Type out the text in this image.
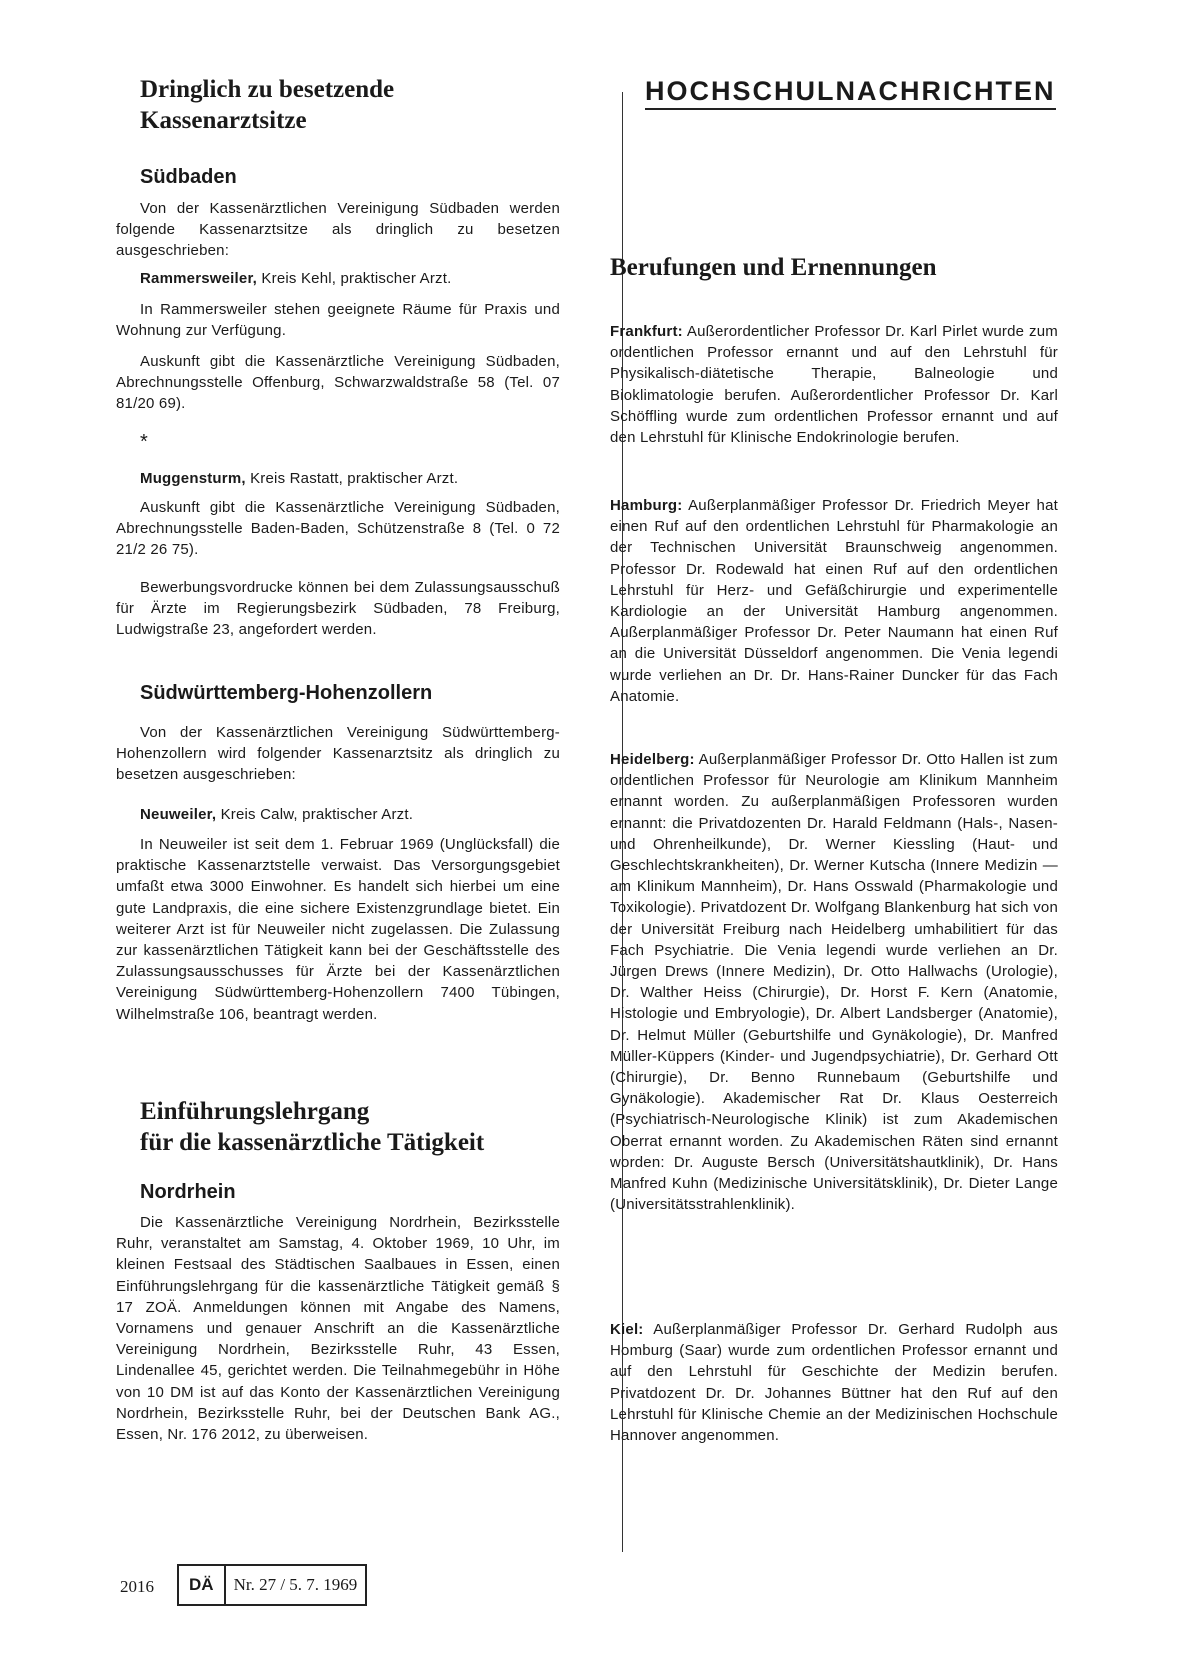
Dringlich zu besetzende
Kassenarztsitze
Südbaden

Von der Kassenärztlichen Vereinigung Südbaden werden folgende Kassenarztsitze als dringlich zu besetzen ausgeschrieben:

Rammersweiler, Kreis Kehl, praktischer Arzt.

In Rammersweiler stehen geeignete Räume für Praxis und Wohnung zur Verfügung.

Auskunft gibt die Kassenärztliche Vereinigung Südbaden, Abrechnungsstelle Offenburg, Schwarzwaldstraße 58 (Tel. 07 81/20 69).

*

Muggensturm, Kreis Rastatt, praktischer Arzt.

Auskunft gibt die Kassenärztliche Vereinigung Südbaden, Abrechnungsstelle Baden-Baden, Schützenstraße 8 (Tel. 0 72 21/2 26 75).

Bewerbungsvordrucke können bei dem Zulassungsausschuß für Ärzte im Regierungsbezirk Südbaden, 78 Freiburg, Ludwigstraße 23, angefordert werden.

Südwürttemberg-Hohenzollern

Von der Kassenärztlichen Vereinigung Südwürttemberg-Hohenzollern wird folgender Kassenarztsitz als dringlich zu besetzen ausgeschrieben:

Neuweiler, Kreis Calw, praktischer Arzt.

In Neuweiler ist seit dem 1. Februar 1969 (Unglücksfall) die praktische Kassenarztstelle verwaist. Das Versorgungsgebiet umfaßt etwa 3000 Einwohner. Es handelt sich hierbei um eine gute Landpraxis, die eine sichere Existenzgrundlage bietet. Ein weiterer Arzt ist für Neuweiler nicht zugelassen. Die Zulassung zur kassenärztlichen Tätigkeit kann bei der Geschäftsstelle des Zulassungsausschusses für Ärzte bei der Kassenärztlichen Vereinigung Südwürttemberg-Hohenzollern 7400 Tübingen, Wilhelmstraße 106, beantragt werden.

Einführungslehrgang
für die kassenärztliche Tätigkeit
Nordrhein

Die Kassenärztliche Vereinigung Nordrhein, Bezirksstelle Ruhr, veranstaltet am Samstag, 4. Oktober 1969, 10 Uhr, im kleinen Festsaal des Städtischen Saalbaues in Essen, einen Einführungslehrgang für die kassenärztliche Tätigkeit gemäß § 17 ZOÄ. Anmeldungen können mit Angabe des Namens, Vornamens und genauer Anschrift an die Kassenärztliche Vereinigung Nordrhein, Bezirksstelle Ruhr, 43 Essen, Lindenallee 45, gerichtet werden. Die Teilnahmegebühr in Höhe von 10 DM ist auf das Konto der Kassenärztlichen Vereinigung Nordrhein, Bezirksstelle Ruhr, bei der Deutschen Bank AG., Essen, Nr. 176 2012, zu überweisen.

HOCHSCHULNACHRICHTEN
Berufungen und Ernennungen

Frankfurt: Außerordentlicher Professor Dr. Karl Pirlet wurde zum ordentlichen Professor ernannt und auf den Lehrstuhl für Physikalisch-diätetische Therapie, Balneologie und Bioklimatologie berufen. Außerordentlicher Professor Dr. Karl Schöffling wurde zum ordentlichen Professor ernannt und auf den Lehrstuhl für Klinische Endokrinologie berufen.

Hamburg: Außerplanmäßiger Professor Dr. Friedrich Meyer hat einen Ruf auf den ordentlichen Lehrstuhl für Pharmakologie an der Technischen Universität Braunschweig angenommen. Professor Dr. Rodewald hat einen Ruf auf den ordentlichen Lehrstuhl für Herz- und Gefäßchirurgie und experimentelle Kardiologie an der Universität Hamburg angenommen. Außerplanmäßiger Professor Dr. Peter Naumann hat einen Ruf an die Universität Düsseldorf angenommen. Die Venia legendi wurde verliehen an Dr. Dr. Hans-Rainer Duncker für das Fach Anatomie.

Heidelberg: Außerplanmäßiger Professor Dr. Otto Hallen ist zum ordentlichen Professor für Neurologie am Klinikum Mannheim ernannt worden. Zu außerplanmäßigen Professoren wurden ernannt: die Privatdozenten Dr. Harald Feldmann (Hals-, Nasen- und Ohrenheilkunde), Dr. Werner Kiessling (Haut- und Geschlechtskrankheiten), Dr. Werner Kutscha (Innere Medizin — am Klinikum Mannheim), Dr. Hans Osswald (Pharmakologie und Toxikologie). Privatdozent Dr. Wolfgang Blankenburg hat sich von der Universität Freiburg nach Heidelberg umhabilitiert für das Fach Psychiatrie. Die Venia legendi wurde verliehen an Dr. Jürgen Drews (Innere Medizin), Dr. Otto Hallwachs (Urologie), Dr. Walther Heiss (Chirurgie), Dr. Horst F. Kern (Anatomie, Histologie und Embryologie), Dr. Albert Landsberger (Anatomie), Dr. Helmut Müller (Geburtshilfe und Gynäkologie), Dr. Manfred Müller-Küppers (Kinder- und Jugendpsychiatrie), Dr. Gerhard Ott (Chirurgie), Dr. Benno Runnebaum (Geburtshilfe und Gynäkologie). Akademischer Rat Dr. Klaus Oesterreich (Psychiatrisch-Neurologische Klinik) ist zum Akademischen Oberrat ernannt worden. Zu Akademischen Räten sind ernannt worden: Dr. Auguste Bersch (Universitätshautklinik), Dr. Hans Manfred Kuhn (Medizinische Universitätsklinik), Dr. Dieter Lange (Universitätsstrahlenklinik).

Kiel: Außerplanmäßiger Professor Dr. Gerhard Rudolph aus Homburg (Saar) wurde zum ordentlichen Professor ernannt und auf den Lehrstuhl für Geschichte der Medizin berufen. Privatdozent Dr. Dr. Johannes Büttner hat den Ruf auf den Lehrstuhl für Klinische Chemie an der Medizinischen Hochschule Hannover angenommen.

2016	DÄ	Nr. 27 / 5. 7. 1969
